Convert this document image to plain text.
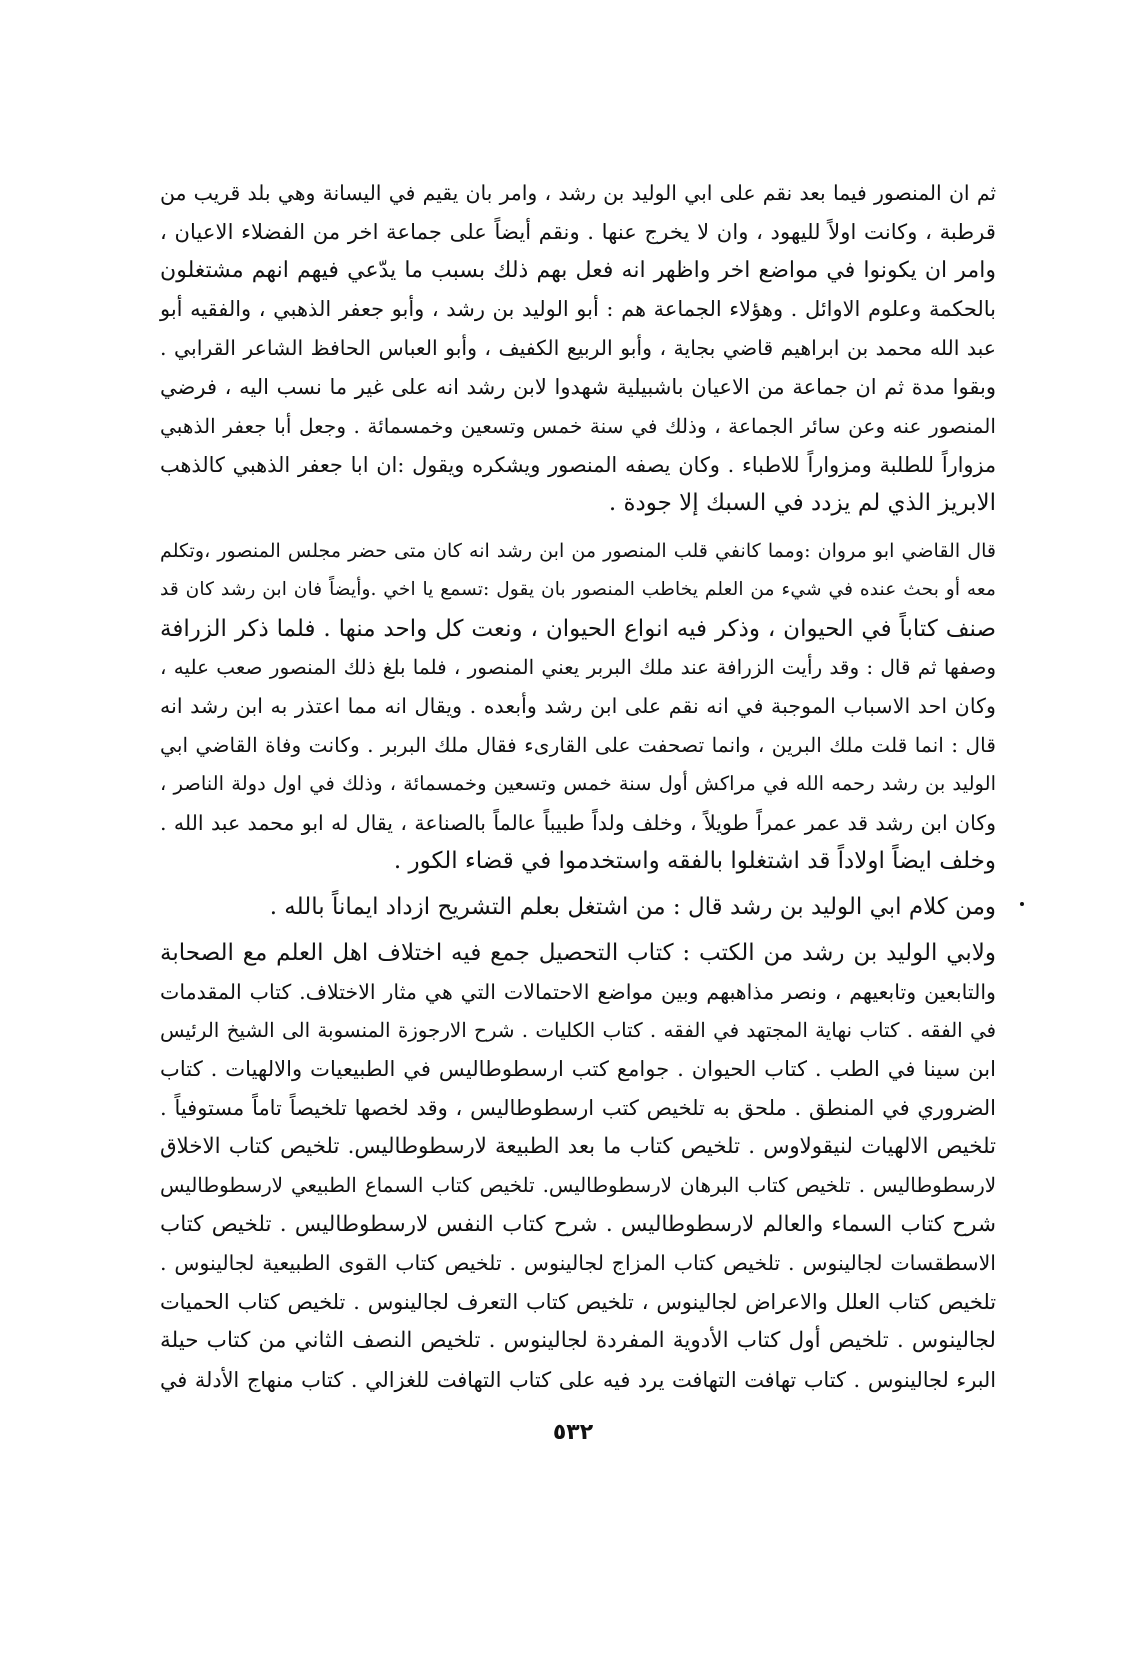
ثم ان المنصور فيما بعد نقم على ابي الوليد بن رشد ، وامر بان يقيم في اليسانة وهي بلد قريب من
قرطبة ، وكانت اولاً لليهود ، وان لا يخرج عنها . ونقم أيضاً على جماعة اخر من الفضلاء الاعيان ،
وامر ان يكونوا في مواضع اخر واظهر انه فعل بهم ذلك بسبب ما يدّعي فيهم انهم مشتغلون
بالحكمة وعلوم الاوائل . وهؤلاء الجماعة هم : أبو الوليد بن رشد ، وأبو جعفر الذهبي ، والفقيه أبو
عبد الله محمد بن ابراهيم قاضي بجاية ، وأبو الربيع الكفيف ، وأبو العباس الحافظ الشاعر القرابي .
وبقوا مدة ثم ان جماعة من الاعيان باشبيلية شهدوا لابن رشد انه على غير ما نسب اليه ، فرضي
المنصور عنه وعن سائر الجماعة ، وذلك في سنة خمس وتسعين وخمسمائة . وجعل أبا جعفر الذهبي
مزواراً للطلبة ومزواراً للاطباء . وكان يصفه المنصور ويشكره ويقول :ان ابا جعفر الذهبي كالذهب
الابريز الذي لم يزدد في السبك إلا جودة .
قال القاضي ابو مروان :ومما كانفي قلب المنصور من ابن رشد انه كان متى حضر مجلس المنصور ،وتكلم
معه أو بحث عنده في شيء من العلم يخاطب المنصور بان يقول :تسمع يا اخي .وأيضاً فان ابن رشد كان قد
صنف كتاباً في الحيوان ، وذكر فيه انواع الحيوان ، ونعت كل واحد منها . فلما ذكر الزرافة
وصفها ثم قال : وقد رأيت الزرافة عند ملك البربر يعني المنصور ، فلما بلغ ذلك المنصور صعب عليه ،
وكان احد الاسباب الموجبة في انه نقم على ابن رشد وأبعده . ويقال انه مما اعتذر به ابن رشد انه
قال : انما قلت ملك البرين ، وانما تصحفت على القارىء فقال ملك البربر . وكانت وفاة القاضي ابي
الوليد بن رشد رحمه الله في مراكش أول سنة خمس وتسعين وخمسمائة ، وذلك في اول دولة الناصر ،
وكان ابن رشد قد عمر عمراً طويلاً ، وخلف ولداً طبيباً عالماً بالصناعة ، يقال له ابو محمد عبد الله .
وخلف ايضاً اولاداً قد اشتغلوا بالفقه واستخدموا في قضاء الكور .
ومن كلام ابي الوليد بن رشد قال : من اشتغل بعلم التشريح ازداد ايماناً بالله .
ولابي الوليد بن رشد من الكتب : كتاب التحصيل جمع فيه اختلاف اهل العلم مع الصحابة
والتابعين وتابعيهم ، ونصر مذاهبهم وبين مواضع الاحتمالات التي هي مثار الاختلاف. كتاب المقدمات
في الفقه . كتاب نهاية المجتهد في الفقه . كتاب الكليات . شرح الارجوزة المنسوبة الى الشيخ الرئيس
ابن سينا في الطب . كتاب الحيوان . جوامع كتب ارسطوطاليس في الطبيعيات والالهيات . كتاب
الضروري في المنطق . ملحق به تلخيص كتب ارسطوطاليس ، وقد لخصها تلخيصاً تاماً مستوفياً .
تلخيص الالهيات لنيقولاوس . تلخيص كتاب ما بعد الطبيعة لارسطوطاليس. تلخيص كتاب الاخلاق
لارسطوطاليس . تلخيص كتاب البرهان لارسطوطاليس. تلخيص كتاب السماع الطبيعي لارسطوطاليس
شرح كتاب السماء والعالم لارسطوطاليس . شرح كتاب النفس لارسطوطاليس . تلخيص كتاب
الاسطقسات لجالينوس . تلخيص كتاب المزاج لجالينوس . تلخيص كتاب القوى الطبيعية لجالينوس .
تلخيص كتاب العلل والاعراض لجالينوس ، تلخيص كتاب التعرف لجالينوس . تلخيص كتاب الحميات
لجالينوس . تلخيص أول كتاب الأدوية المفردة لجالينوس . تلخيص النصف الثاني من كتاب حيلة
البرء لجالينوس . كتاب تهافت التهافت يرد فيه على كتاب التهافت للغزالي . كتاب منهاج الأدلة في
٥٣٢
